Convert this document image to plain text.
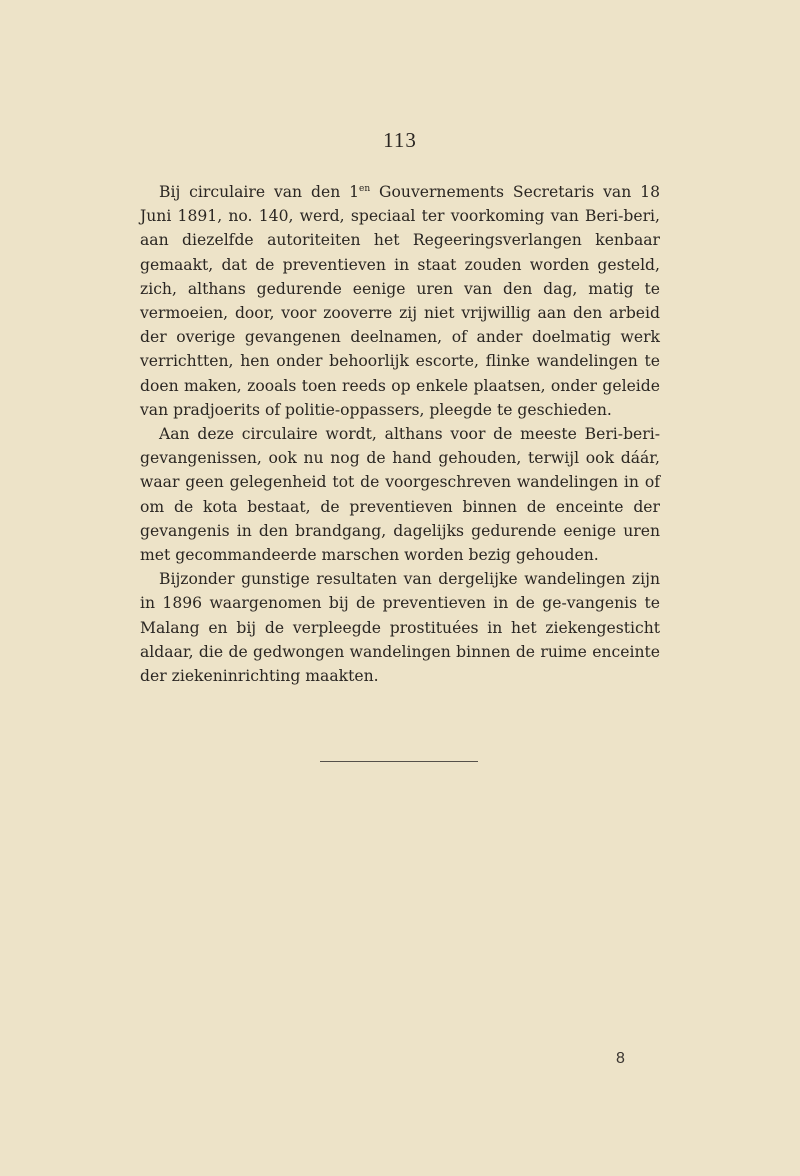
113

Bij circulaire van den $1^{en}$ Gouvernements Secretaris van 18 Juni 1891, no. 140, werd, speciaal ter voorkoming van Beri-beri, aan diezelfde autoriteiten het Regeeringsverlangen kenbaar gemaakt, dat de preventieven in staat zouden worden gesteld, zich, althans gedurende eenige uren van den dag, matig te vermoeien, door, voor zooverre zij niet vrijwillig aan den arbeid der overige gevangenen deelnamen, of ander doelmatig werk verrichtten, hen onder behoorlijk escorte, flinke wandelingen te doen maken, zooals toen reeds op enkele plaatsen, onder geleide van pradjoerits of politie-oppassers, pleegde te geschieden.

Aan deze circulaire wordt, althans voor de meeste Beri-beri-gevangenissen, ook nu nog de hand gehouden, terwijl ook dáár, waar geen gelegenheid tot de voorgeschreven wandelingen in of om de kota bestaat, de preventieven binnen de enceinte der gevangenis in den brandgang, dagelijks gedurende eenige uren met gecommandeerde marschen worden bezig gehouden.

Bijzonder gunstige resultaten van dergelijke wandelingen zijn in 1896 waargenomen bij de preventieven in de ge-vangenis te Malang en bij de verpleegde prostituées in het ziekengesticht aldaar, die de gedwongen wandelingen binnen de ruime enceinte der ziekeninrichting maakten.

8
